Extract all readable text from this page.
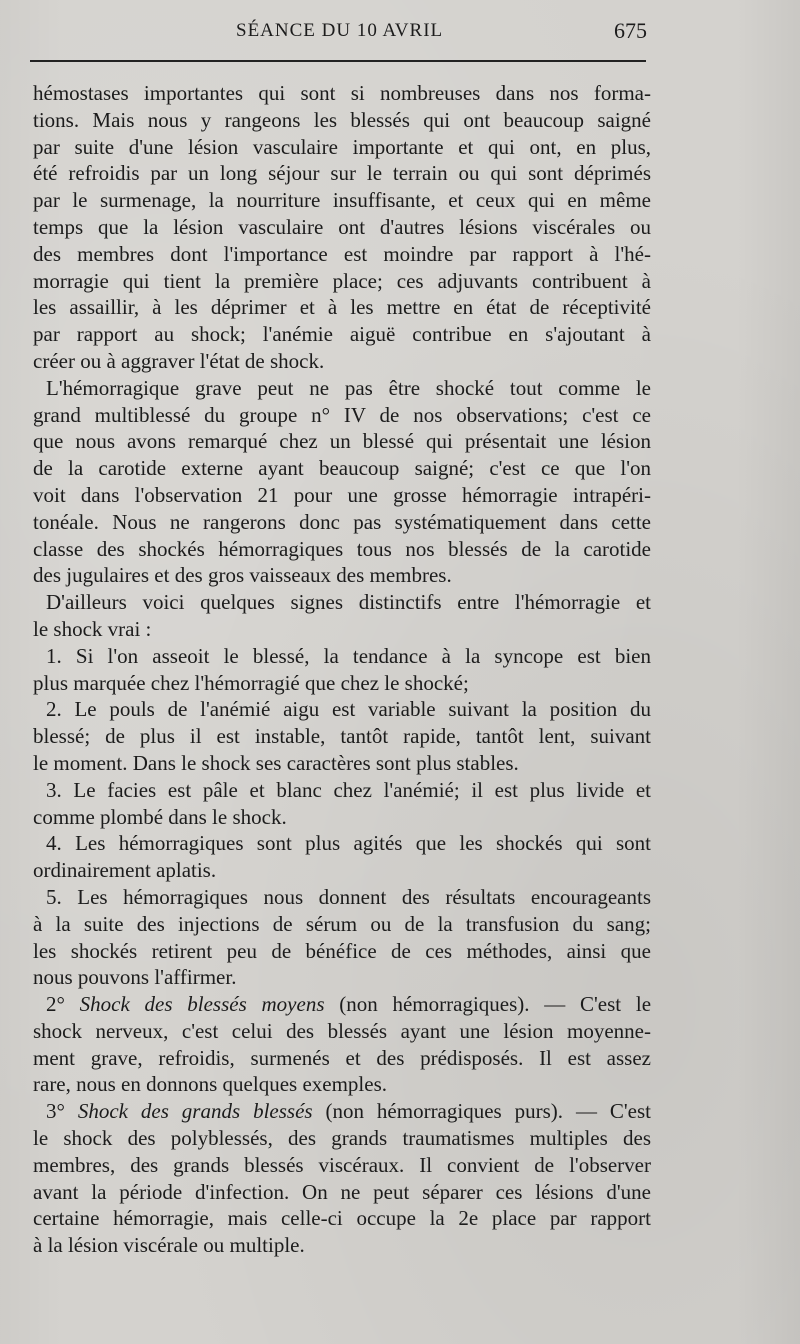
SÉANCE DU 10 AVRIL	675
hémostases importantes qui sont si nombreuses dans nos forma-
tions. Mais nous y rangeons les blessés qui ont beaucoup saigné
par suite d'une lésion vasculaire importante et qui ont, en plus,
été refroidis par un long séjour sur le terrain ou qui sont déprimés
par le surmenage, la nourriture insuffisante, et ceux qui en même
temps que la lésion vasculaire ont d'autres lésions viscérales ou
des membres dont l'importance est moindre par rapport à l'hé-
morragie qui tient la première place; ces adjuvants contribuent à
les assaillir, à les déprimer et à les mettre en état de réceptivité
par rapport au shock; l'anémie aiguë contribue en s'ajoutant à
créer ou à aggraver l'état de shock.
L'hémorragique grave peut ne pas être shocké tout comme le
grand multiblessé du groupe n° IV de nos observations; c'est ce
que nous avons remarqué chez un blessé qui présentait une lésion
de la carotide externe ayant beaucoup saigné; c'est ce que l'on
voit dans l'observation 21 pour une grosse hémorragie intrapéri-
tonéale. Nous ne rangerons donc pas systématiquement dans cette
classe des shockés hémorragiques tous nos blessés de la carotide
des jugulaires et des gros vaisseaux des membres.
D'ailleurs voici quelques signes distinctifs entre l'hémorragie et
le shock vrai :
1. Si l'on asseoit le blessé, la tendance à la syncope est bien
plus marquée chez l'hémorragié que chez le shocké;
2. Le pouls de l'anémié aigu est variable suivant la position du
blessé; de plus il est instable, tantôt rapide, tantôt lent, suivant
le moment. Dans le shock ses caractères sont plus stables.
3. Le facies est pâle et blanc chez l'anémié; il est plus livide et
comme plombé dans le shock.
4. Les hémorragiques sont plus agités que les shockés qui sont
ordinairement aplatis.
5. Les hémorragiques nous donnent des résultats encourageants
à la suite des injections de sérum ou de la transfusion du sang;
les shockés retirent peu de bénéfice de ces méthodes, ainsi que
nous pouvons l'affirmer.
2° Shock des blessés moyens (non hémorragiques). — C'est le
shock nerveux, c'est celui des blessés ayant une lésion moyenne-
ment grave, refroidis, surmenés et des prédisposés. Il est assez
rare, nous en donnons quelques exemples.
3° Shock des grands blessés (non hémorragiques purs). — C'est
le shock des polyblessés, des grands traumatismes multiples des
membres, des grands blessés viscéraux. Il convient de l'observer
avant la période d'infection. On ne peut séparer ces lésions d'une
certaine hémorragie, mais celle-ci occupe la 2e place par rapport
à la lésion viscérale ou multiple.
